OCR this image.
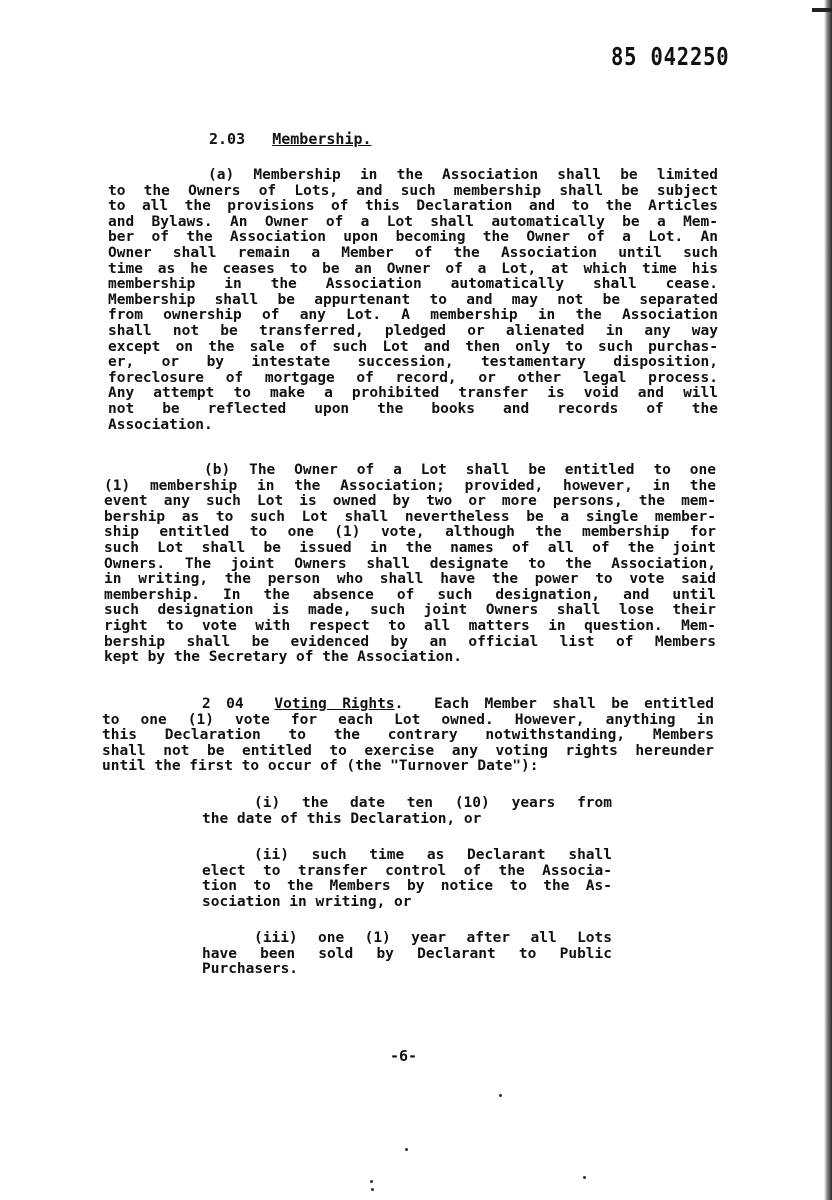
85 042250
2.03 Membership.
(a) Membership in the Association shall be limited
to the Owners of Lots, and such membership shall be subject
to all the provisions of this Declaration and to the Articles
and Bylaws. An Owner of a Lot shall automatically be a Mem-
ber of the Association upon becoming the Owner of a Lot. An
Owner shall remain a Member of the Association until such
time as he ceases to be an Owner of a Lot, at which time his
membership in the Association automatically shall cease.
Membership shall be appurtenant to and may not be separated
from ownership of any Lot. A membership in the Association
shall not be transferred, pledged or alienated in any way
except on the sale of such Lot and then only to such purchas-
er, or by intestate succession, testamentary disposition,
foreclosure of mortgage of record, or other legal process.
Any attempt to make a prohibited transfer is void and will
not be reflected upon the books and records of the
Association.
(b) The Owner of a Lot shall be entitled to one
(1) membership in the Association; provided, however, in the
event any such Lot is owned by two or more persons, the mem-
bership as to such Lot shall nevertheless be a single member-
ship entitled to one (1) vote, although the membership for
such Lot shall be issued in the names of all of the joint
Owners. The joint Owners shall designate to the Association,
in writing, the person who shall have the power to vote said
membership. In the absence of such designation, and until
such designation is made, such joint Owners shall lose their
right to vote with respect to all matters in question. Mem-
bership shall be evidenced by an official list of Members
kept by the Secretary of the Association.
2 04 Voting Rights.  Each Member shall be entitled
to one (1) vote for each Lot owned. However, anything in
this Declaration to the contrary notwithstanding, Members
shall not be entitled to exercise any voting rights hereunder
until the first to occur of (the "Turnover Date"):
(i) the date ten (10) years from
the date of this Declaration, or
(ii) such time as Declarant shall
elect to transfer control of the Associa-
tion to the Members by notice to the As-
sociation in writing, or
(iii) one (1) year after all Lots
have been sold by Declarant to Public
Purchasers.
-6-
